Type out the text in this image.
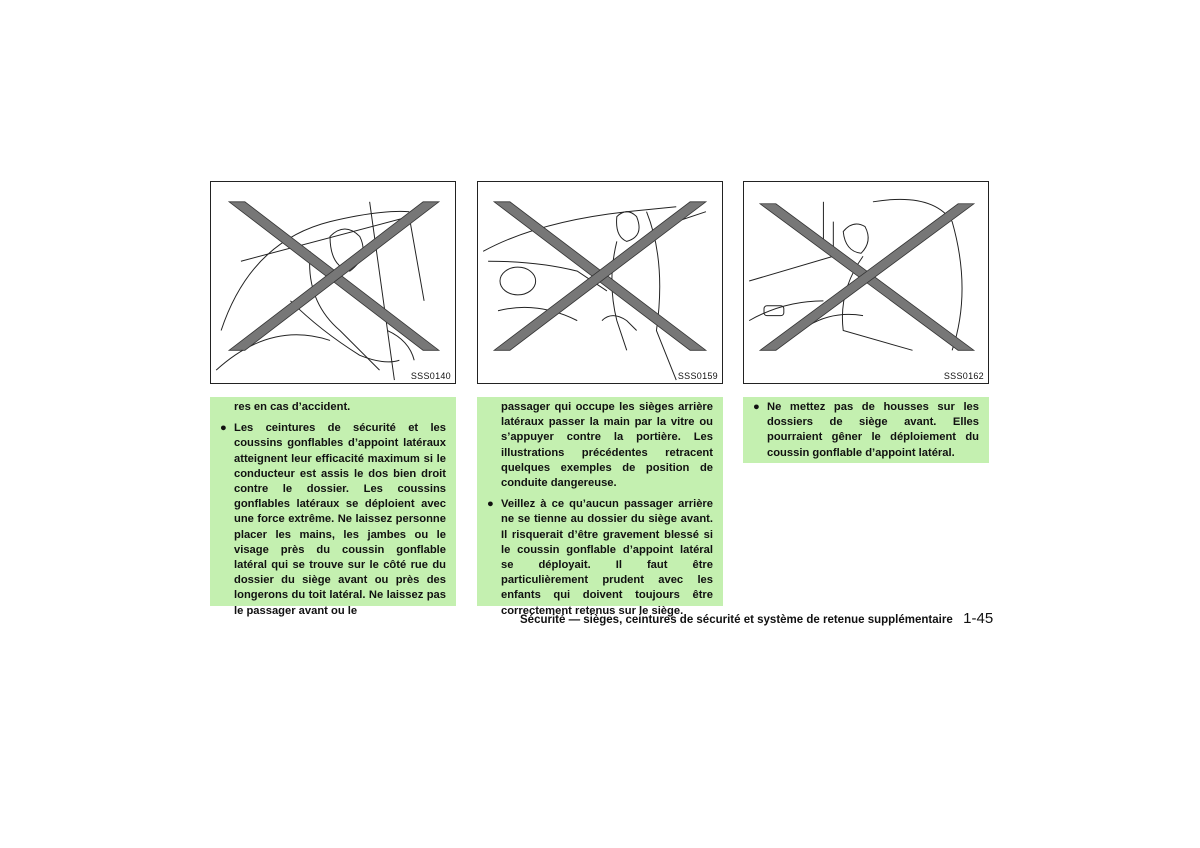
SSS0140	SSS0159	SSS0162

res en cas d’accident.

● Les ceintures de sécurité et les coussins gonflables d’appoint latéraux atteignent leur efficacité maximum si le conducteur est assis le dos bien droit contre le dossier. Les coussins gonflables latéraux se déploient avec une force extrême. Ne laissez personne placer les mains, les jambes ou le visage près du coussin gonflable latéral qui se trouve sur le côté rue du dossier du siège avant ou près des longerons du toit latéral. Ne laissez pas le passager avant ou le

passager qui occupe les sièges arrière latéraux passer la main par la vitre ou s’appuyer contre la portière. Les illustrations précédentes retracent quelques exemples de position de conduite dangereuse.

● Veillez à ce qu’aucun passager arrière ne se tienne au dossier du siège avant. Il risquerait d’être gravement blessé si le coussin gonflable d’appoint latéral se déployait. Il faut être particulièrement prudent avec les enfants qui doivent toujours être correctement retenus sur le siège.

● Ne mettez pas de housses sur les dossiers de siège avant. Elles pourraient gêner le déploiement du coussin gonflable d’appoint latéral.

Sécurité — sièges, ceintures de sécurité et système de retenue supplémentaire 1-45
